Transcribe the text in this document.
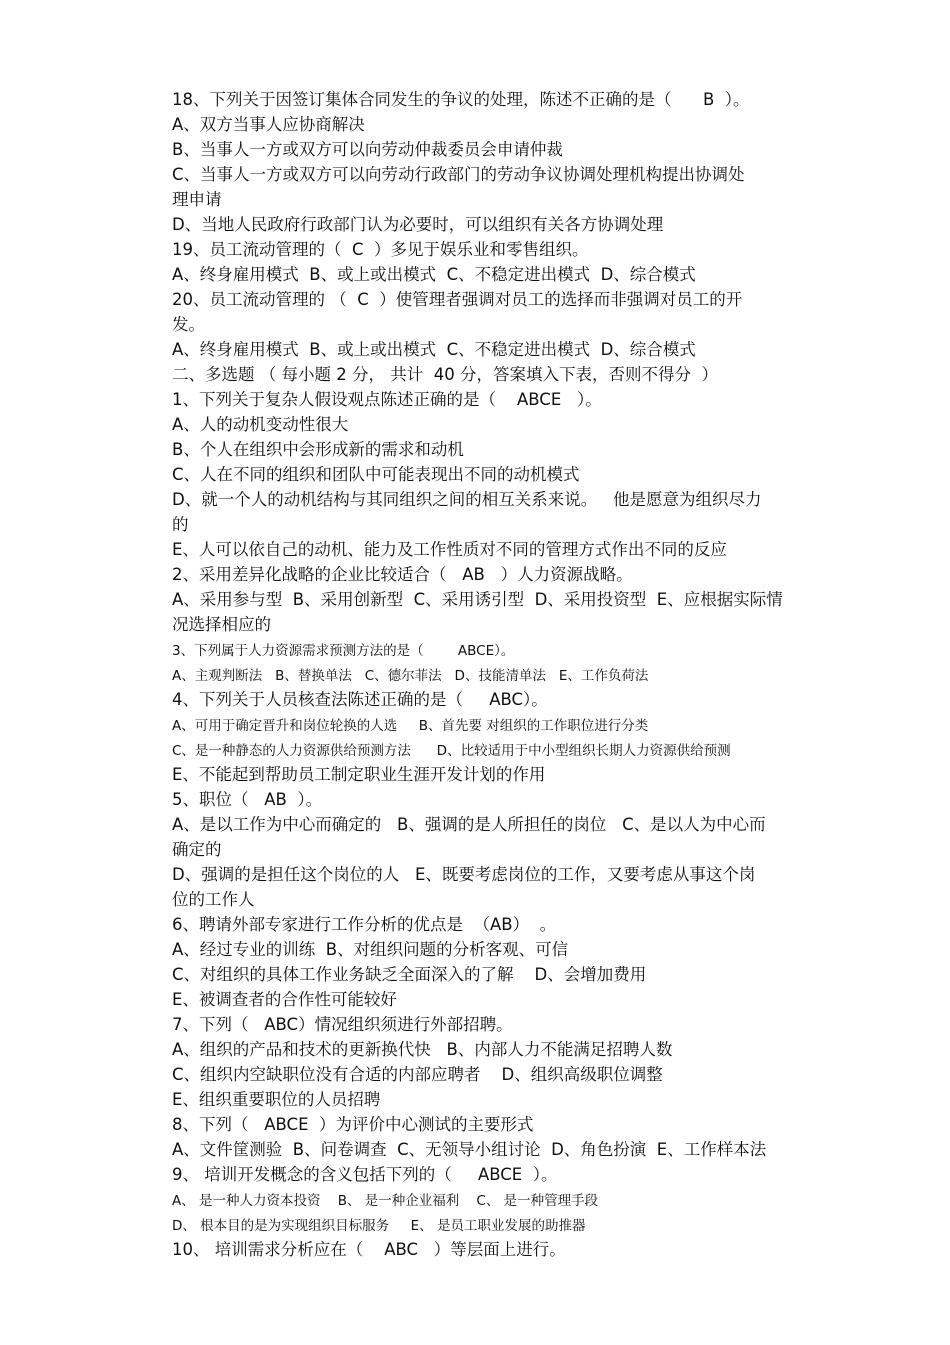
18、下列关于因签订集体合同发生的争议的处理，陈述不正确的是（      B  ）。
A、双方当事人应协商解决
B、当事人一方或双方可以向劳动仲裁委员会申请仲裁
C、当事人一方或双方可以向劳动行政部门的劳动争议协调处理机构提出协调处
理申请
D、当地人民政府行政部门认为必要时，可以组织有关各方协调处理
19、员工流动管理的（  C  ）多见于娱乐业和零售组织。
A、终身雇用模式  B、或上或出模式  C、不稳定进出模式  D、综合模式
20、员工流动管理的 （  C  ）使管理者强调对员工的选择而非强调对员工的开
发。
A、终身雇用模式  B、或上或出模式  C、不稳定进出模式  D、综合模式
二、多选题 （ 每小题 2 分， 共计  40 分，答案填入下表，否则不得分  ）
1、下列关于复杂人假设观点陈述正确的是（    ABCE   ）。
A、人的动机变动性很大
B、个人在组织中会形成新的需求和动机
C、人在不同的组织和团队中可能表现出不同的动机模式
D、就一个人的动机结构与其同组织之间的相互关系来说。   他是愿意为组织尽力
的
E、人可以依自己的动机、能力及工作性质对不同的管理方式作出不同的反应
2、采用差异化战略的企业比较适合（   AB   ）人力资源战略。
A、采用参与型  B、采用创新型  C、采用诱引型  D、采用投资型  E、应根据实际情
况选择相应的
3、下列属于人力资源需求预测方法的是（        ABCE）。
A、主观判断法   B、替换单法   C、德尔菲法   D、技能清单法   E、工作负荷法
4、下列关于人员核查法陈述正确的是（     ABC）。
A、可用于确定晋升和岗位轮换的人选     B、首先要 对组织的工作职位进行分类
C、是一种静态的人力资源供给预测方法      D、比较适用于中小型组织长期人力资源供给预测
E、不能起到帮助员工制定职业生涯开发计划的作用
5、职位（   AB  ）。
A、是以工作为中心而确定的   B、强调的是人所担任的岗位   C、是以人为中心而
确定的
D、强调的是担任这个岗位的人   E、既要考虑岗位的工作，又要考虑从事这个岗
位的工作人
6、聘请外部专家进行工作分析的优点是  （AB）  。
A、经过专业的训练  B、对组织问题的分析客观、可信
C、对组织的具体工作业务缺乏全面深入的了解    D、会增加费用
E、被调查者的合作性可能较好
7、下列（   ABC）情况组织须进行外部招聘。
A、组织的产品和技术的更新换代快   B、内部人力不能满足招聘人数
C、组织内空缺职位没有合适的内部应聘者    D、组织高级职位调整
E、组织重要职位的人员招聘
8、下列（   ABCE  ）为评价中心测试的主要形式
A、文件筐测验  B、问卷调查  C、无领导小组讨论  D、角色扮演  E、工作样本法
9、 培训开发概念的含义包括下列的（     ABCE  ）。
A、 是一种人力资本投资    B、 是一种企业福利    C、 是一种管理手段
D、 根本目的是为实现组织目标服务     E、 是员工职业发展的助推器
10、 培训需求分析应在（    ABC   ）等层面上进行。
